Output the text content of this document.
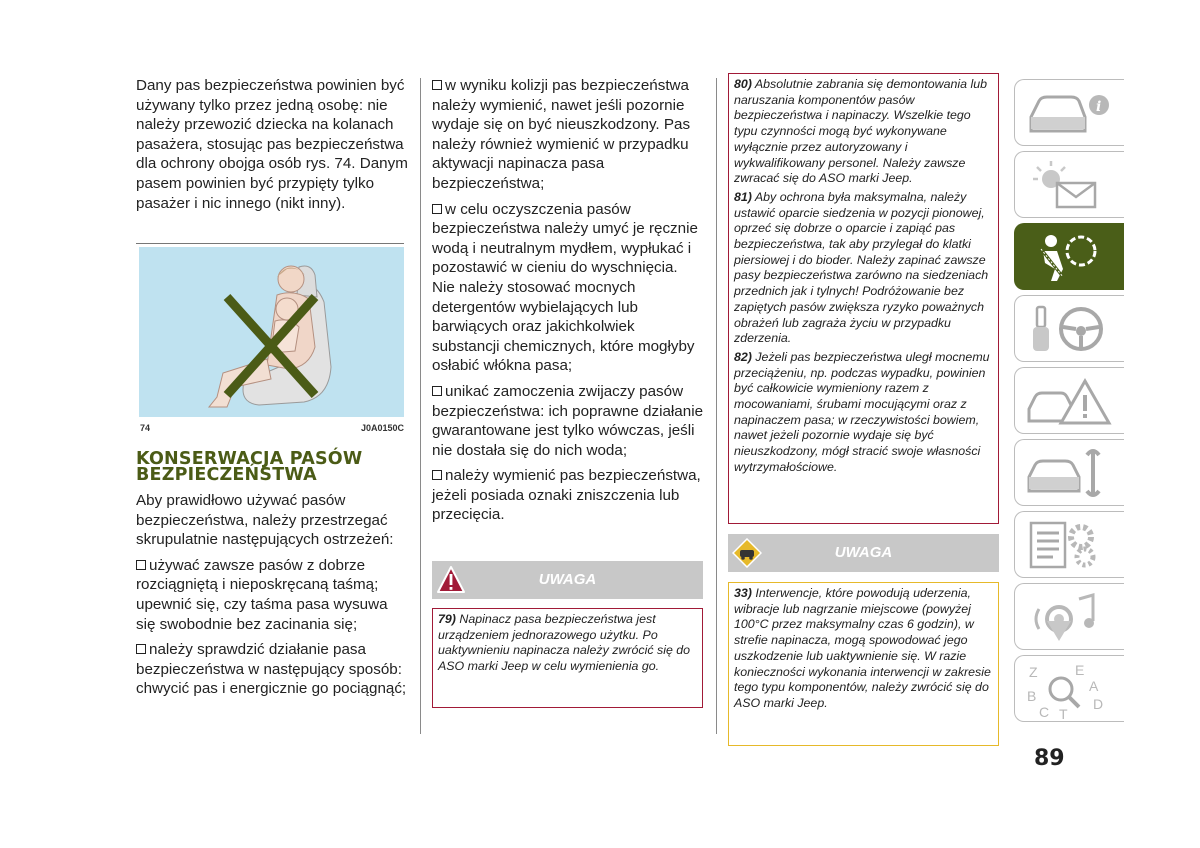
Dany pas bezpieczeństwa powinien być używany tylko przez jedną osobę: nie należy przewozić dziecka na kolanach pasażera, stosując pas bezpieczeństwa dla ochrony obojga osób rys. 74. Danym pasem powinien być przypięty tylko pasażer i nic innego (nikt inny).

74	J0A0150C
KONSERWACJA PASÓW BEZPIECZEŃSTWA

Aby prawidłowo używać pasów bezpieczeństwa, należy przestrzegać skrupulatnie następujących ostrzeżeń:

używać zawsze pasów z dobrze rozciągniętą i nieposkręcaną taśmą; upewnić się, czy taśma pasa wysuwa się swobodnie bez zacinania się;

należy sprawdzić działanie pasa bezpieczeństwa w następujący sposób: chwycić pas i energicznie go pociągnąć;

w wyniku kolizji pas bezpieczeństwa należy wymienić, nawet jeśli pozornie wydaje się on być nieuszkodzony. Pas należy również wymienić w przypadku aktywacji napinacza pasa bezpieczeństwa;

w celu oczyszczenia pasów bezpieczeństwa należy umyć je ręcznie wodą i neutralnym mydłem, wypłukać i pozostawić w cieniu do wyschnięcia. Nie należy stosować mocnych detergentów wybielających lub barwiących oraz jakichkolwiek substancji chemicznych, które mogłyby osłabić włókna pasa;

unikać zamoczenia zwijaczy pasów bezpieczeństwa: ich poprawne działanie gwarantowane jest tylko wówczas, jeśli nie dostała się do nich woda;

należy wymienić pas bezpieczeństwa, jeżeli posiada oznaki zniszczenia lub przecięcia.

UWAGA

79) Napinacz pasa bezpieczeństwa jest urządzeniem jednorazowego użytku. Po uaktywnieniu napinacza należy zwrócić się do ASO marki Jeep w celu wymienienia go.

80) Absolutnie zabrania się demontowania lub naruszania komponentów pasów bezpieczeństwa i napinaczy. Wszelkie tego typu czynności mogą być wykonywane wyłącznie przez autoryzowany i wykwalifikowany personel. Należy zawsze zwracać się do ASO marki Jeep.

81) Aby ochrona była maksymalna, należy ustawić oparcie siedzenia w pozycji pionowej, oprzeć się dobrze o oparcie i zapiąć pas bezpieczeństwa, tak aby przylegał do klatki piersiowej i do bioder. Należy zapinać zawsze pasy bezpieczeństwa zarówno na siedzeniach przednich jak i tylnych! Podróżowanie bez zapiętych pasów zwiększa ryzyko poważnych obrażeń lub zagraża życiu w przypadku zderzenia.

82) Jeżeli pas bezpieczeństwa uległ mocnemu przeciążeniu, np. podczas wypadku, powinien być całkowicie wymieniony razem z mocowaniami, śrubami mocującymi oraz z napinaczem pasa; w rzeczywistości bowiem, nawet jeżeli pozornie wydaje się być nieuszkodzony, mógł stracić swoje własności wytrzymałościowe.

UWAGA

33) Interwencje, które powodują uderzenia, wibracje lub nagrzanie miejscowe (powyżej 100°C przez maksymalny czas 6 godzin), w strefie napinacza, mogą spowodować jego uszkodzenie lub uaktywnienie się. W razie konieczności wykonania interwencji w zakresie tego typu komponentów, należy zwrócić się do ASO marki Jeep.

i
Z	E
B
A
C T
D
89
